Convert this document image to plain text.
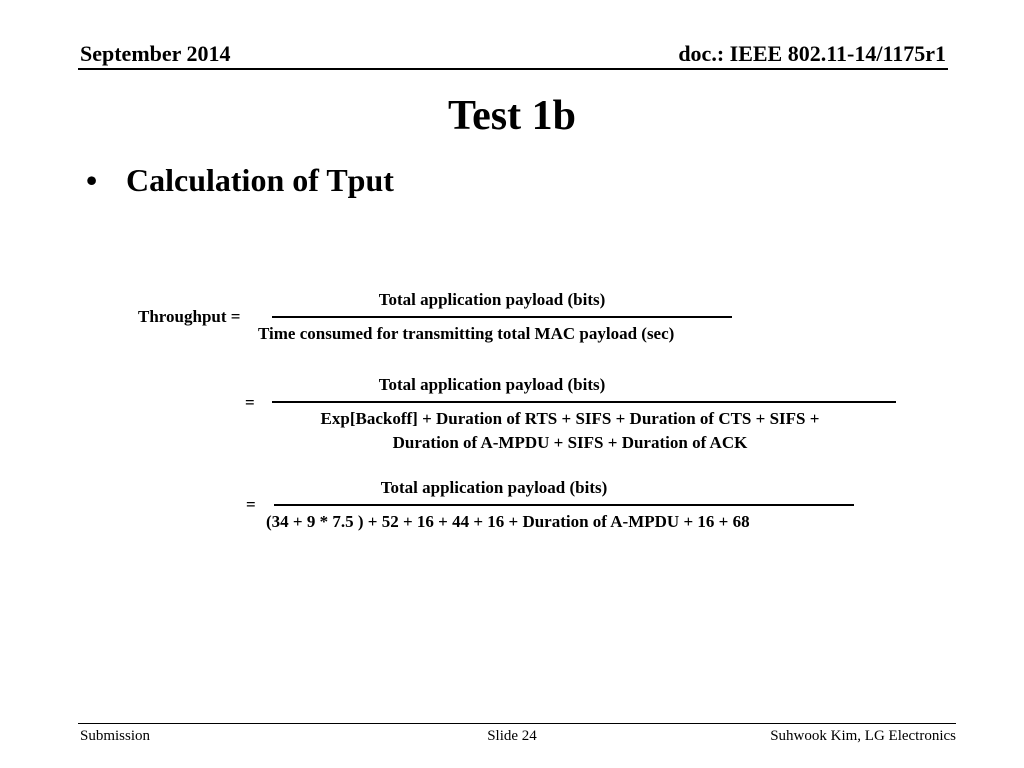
September 2014	doc.: IEEE 802.11-14/1175r1
Test 1b
• Calculation of Tput
Throughput =
Total application payload (bits)
Time consumed for transmitting total MAC payload (sec)
=
Total application payload (bits)
Exp[Backoff] + Duration of RTS + SIFS + Duration of CTS + SIFS +
Duration of A-MPDU + SIFS + Duration of ACK
=
Total application payload (bits)
(34 + 9 * 7.5 ) + 52 + 16 + 44 + 16 + Duration of A-MPDU + 16 + 68
Submission	Slide 24	Suhwook Kim, LG Electronics
